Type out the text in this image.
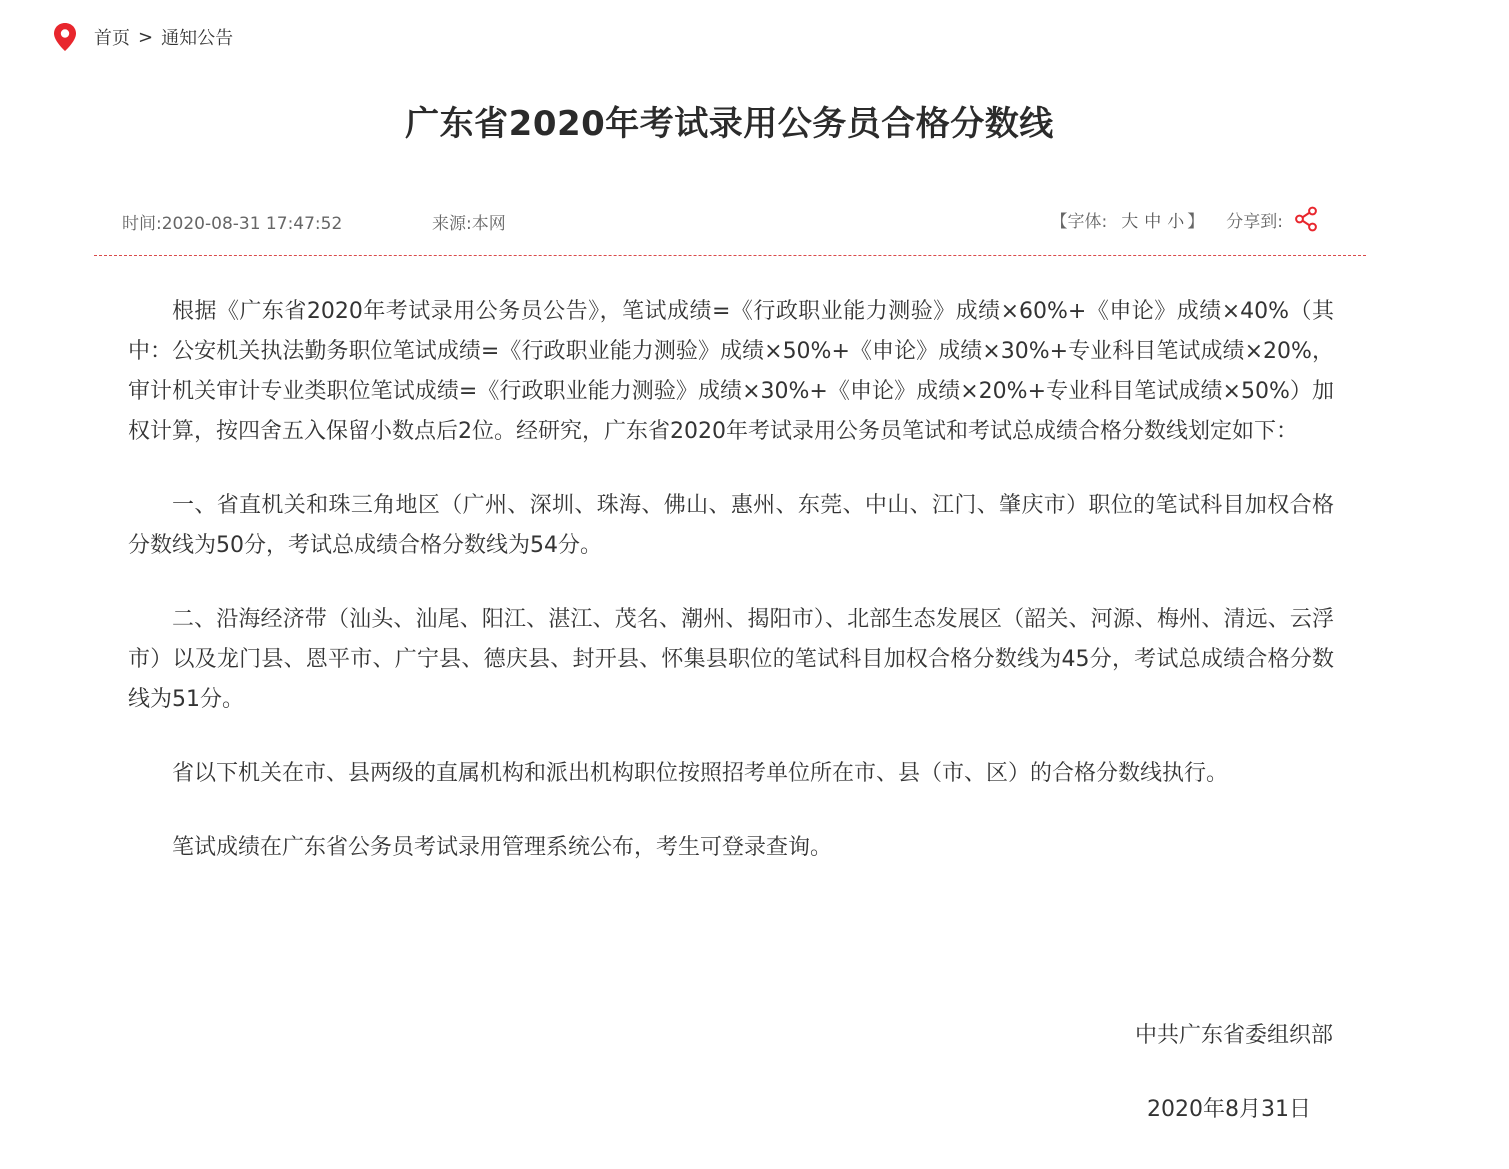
首页 > 通知公告
广东省2020年考试录用公务员合格分数线
时间:2020-08-31 17:47:52	来源:本网	【字体: 大 中 小 】 分享到:

根据《广东省2020年考试录用公务员公告》，笔试成绩=《行政职业能力测验》成绩×60%+《申论》成绩×40%（其中：公安机关执法勤务职位笔试成绩=《行政职业能力测验》成绩×50%+《申论》成绩×30%+专业科目笔试成绩×20%，审计机关审计专业类职位笔试成绩=《行政职业能力测验》成绩×30%+《申论》成绩×20%+专业科目笔试成绩×50%）加权计算，按四舍五入保留小数点后2位。经研究，广东省2020年考试录用公务员笔试和考试总成绩合格分数线划定如下：

一、省直机关和珠三角地区（广州、深圳、珠海、佛山、惠州、东莞、中山、江门、肇庆市）职位的笔试科目加权合格分数线为50分，考试总成绩合格分数线为54分。

二、沿海经济带（汕头、汕尾、阳江、湛江、茂名、潮州、揭阳市）、北部生态发展区（韶关、河源、梅州、清远、云浮市）以及龙门县、恩平市、广宁县、德庆县、封开县、怀集县职位的笔试科目加权合格分数线为45分，考试总成绩合格分数线为51分。

省以下机关在市、县两级的直属机构和派出机构职位按照招考单位所在市、县（市、区）的合格分数线执行。

笔试成绩在广东省公务员考试录用管理系统公布，考生可登录查询。

中共广东省委组织部
2020年8月31日
